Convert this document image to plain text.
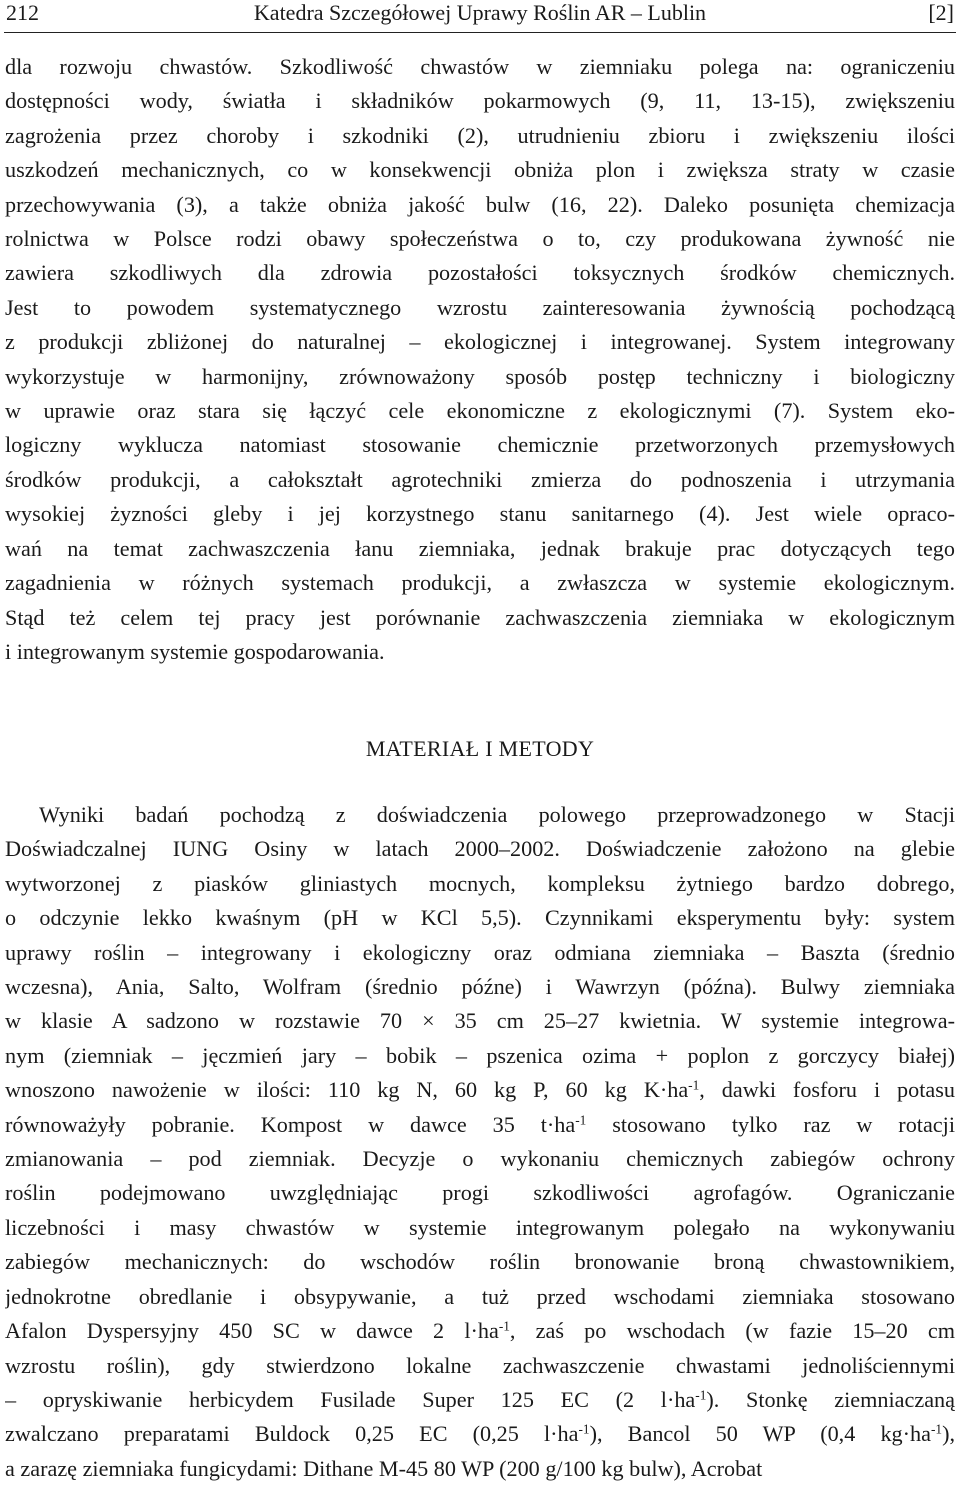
212	Katedra Szczegółowej Uprawy Roślin AR – Lublin	[2]
dla rozwoju chwastów. Szkodliwość chwastów w ziemniaku polega na: ograniczeniu
dostępności wody, światła i składników pokarmowych (9, 11, 13-15), zwiększeniu
zagrożenia przez choroby i szkodniki (2), utrudnieniu zbioru i zwiększeniu ilości
uszkodzeń mechanicznych, co w konsekwencji obniża plon i zwiększa straty w czasie
przechowywania (3), a także obniża jakość bulw (16, 22). Daleko posunięta chemizacja
rolnictwa w Polsce rodzi obawy społeczeństwa o to, czy produkowana żywność nie
zawiera szkodliwych dla zdrowia pozostałości toksycznych środków chemicznych.
Jest to powodem systematycznego wzrostu zainteresowania żywnością pochodzącą
z produkcji zbliżonej do naturalnej – ekologicznej i integrowanej. System integrowany
wykorzystuje w harmonijny, zrównoważony sposób postęp techniczny i biologiczny
w uprawie oraz stara się łączyć cele ekonomiczne z ekologicznymi (7). System eko-
logiczny wyklucza natomiast stosowanie chemicznie przetworzonych przemysłowych
środków produkcji, a całokształt agrotechniki zmierza do podnoszenia i utrzymania
wysokiej żyzności gleby i jej korzystnego stanu sanitarnego (4). Jest wiele opraco-
wań na temat zachwaszczenia łanu ziemniaka, jednak brakuje prac dotyczących tego
zagadnienia w różnych systemach produkcji, a zwłaszcza w systemie ekologicznym.
Stąd też celem tej pracy jest porównanie zachwaszczenia ziemniaka w ekologicznym
i integrowanym systemie gospodarowania.
MATERIAŁ I METODY
Wyniki badań pochodzą z doświadczenia polowego przeprowadzonego w Stacji
Doświadczalnej IUNG Osiny w latach 2000–2002. Doświadczenie założono na glebie
wytworzonej z piasków gliniastych mocnych, kompleksu żytniego bardzo dobrego,
o odczynie lekko kwaśnym (pH w KCl 5,5). Czynnikami eksperymentu były: system
uprawy roślin – integrowany i ekologiczny oraz odmiana ziemniaka – Baszta (średnio
wczesna), Ania, Salto, Wolfram (średnio późne) i Wawrzyn (późna). Bulwy ziemniaka
w klasie A sadzono w rozstawie 70 × 35 cm 25–27 kwietnia. W systemie integrowa-
nym (ziemniak – jęczmień jary – bobik – pszenica ozima + poplon z gorczycy białej)
wnoszono nawożenie w ilości: 110 kg N, 60 kg P, 60 kg $K\cdot ha^{-1}$, dawki fosforu i potasu
równoważyły pobranie. Kompost w dawce 35 $t\cdot ha^{-1}$ stosowano tylko raz w rotacji
zmianowania – pod ziemniak. Decyzje o wykonaniu chemicznych zabiegów ochrony
roślin podejmowano uwzględniając progi szkodliwości agrofagów. Ograniczanie
liczebności i masy chwastów w systemie integrowanym polegało na wykonywaniu
zabiegów mechanicznych: do wschodów roślin bronowanie broną chwastownikiem,
jednokrotne obredlanie i obsypywanie, a tuż przed wschodami ziemniaka stosowano
Afalon Dyspersyjny 450 SC w dawce 2 $l\cdot ha^{-1}$, zaś po wschodach (w fazie 15–20 cm
wzrostu roślin), gdy stwierdzono lokalne zachwaszczenie chwastami jednoliściennymi
– opryskiwanie herbicydem Fusilade Super 125 EC (2 $l\cdot ha^{-1}$). Stonkę ziemniaczaną
zwalczano preparatami Buldock 0,25 EC (0,25 $l\cdot ha^{-1}$), Bancol 50 WP (0,4 $kg\cdot ha^{-1}$),
a zarazę ziemniaka fungicydami: Dithane M-45 80 WP (200 g/100 kg bulw), Acrobat
